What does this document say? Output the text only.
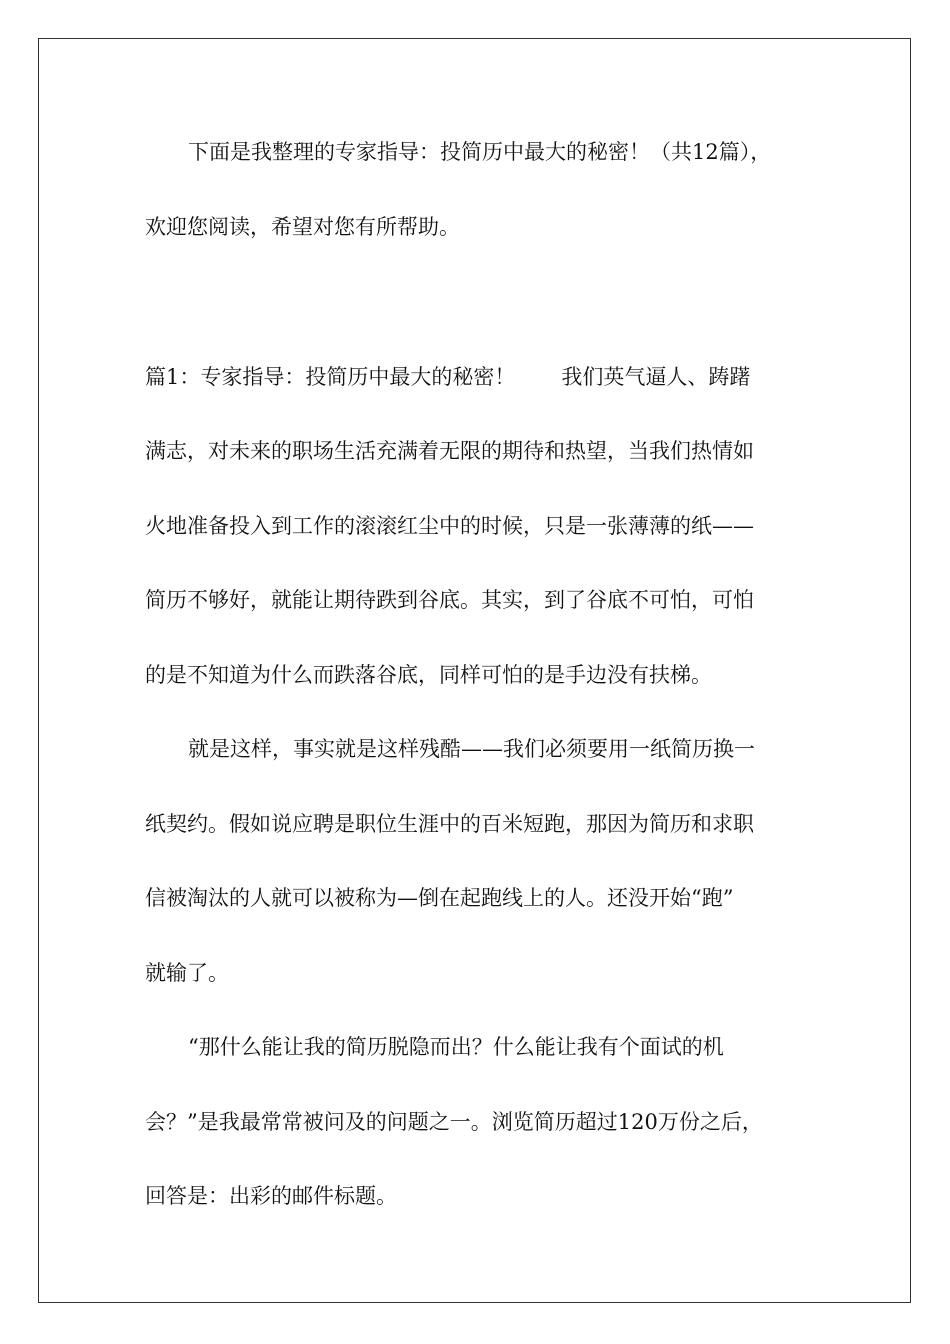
下面是我整理的专家指导：投简历中最大的秘密！（共12篇），

欢迎您阅读，希望对您有所帮助。

篇1：专家指导：投简历中最大的秘密！ 我们英气逼人、踌躇

满志，对未来的职场生活充满着无限的期待和热望，当我们热情如

火地准备投入到工作的滚滚红尘中的时候，只是一张薄薄的纸——

简历不够好，就能让期待跌到谷底。其实，到了谷底不可怕，可怕

的是不知道为什么而跌落谷底，同样可怕的是手边没有扶梯。

就是这样，事实就是这样残酷——我们必须要用一纸简历换一

纸契约。假如说应聘是职位生涯中的百米短跑，那因为简历和求职

信被淘汰的人就可以被称为—倒在起跑线上的人。还没开始“跑”

就输了。

“那什么能让我的简历脱隐而出？什么能让我有个面试的机

会？”是我最常常被问及的问题之一。浏览简历超过120万份之后，

回答是：出彩的邮件标题。
